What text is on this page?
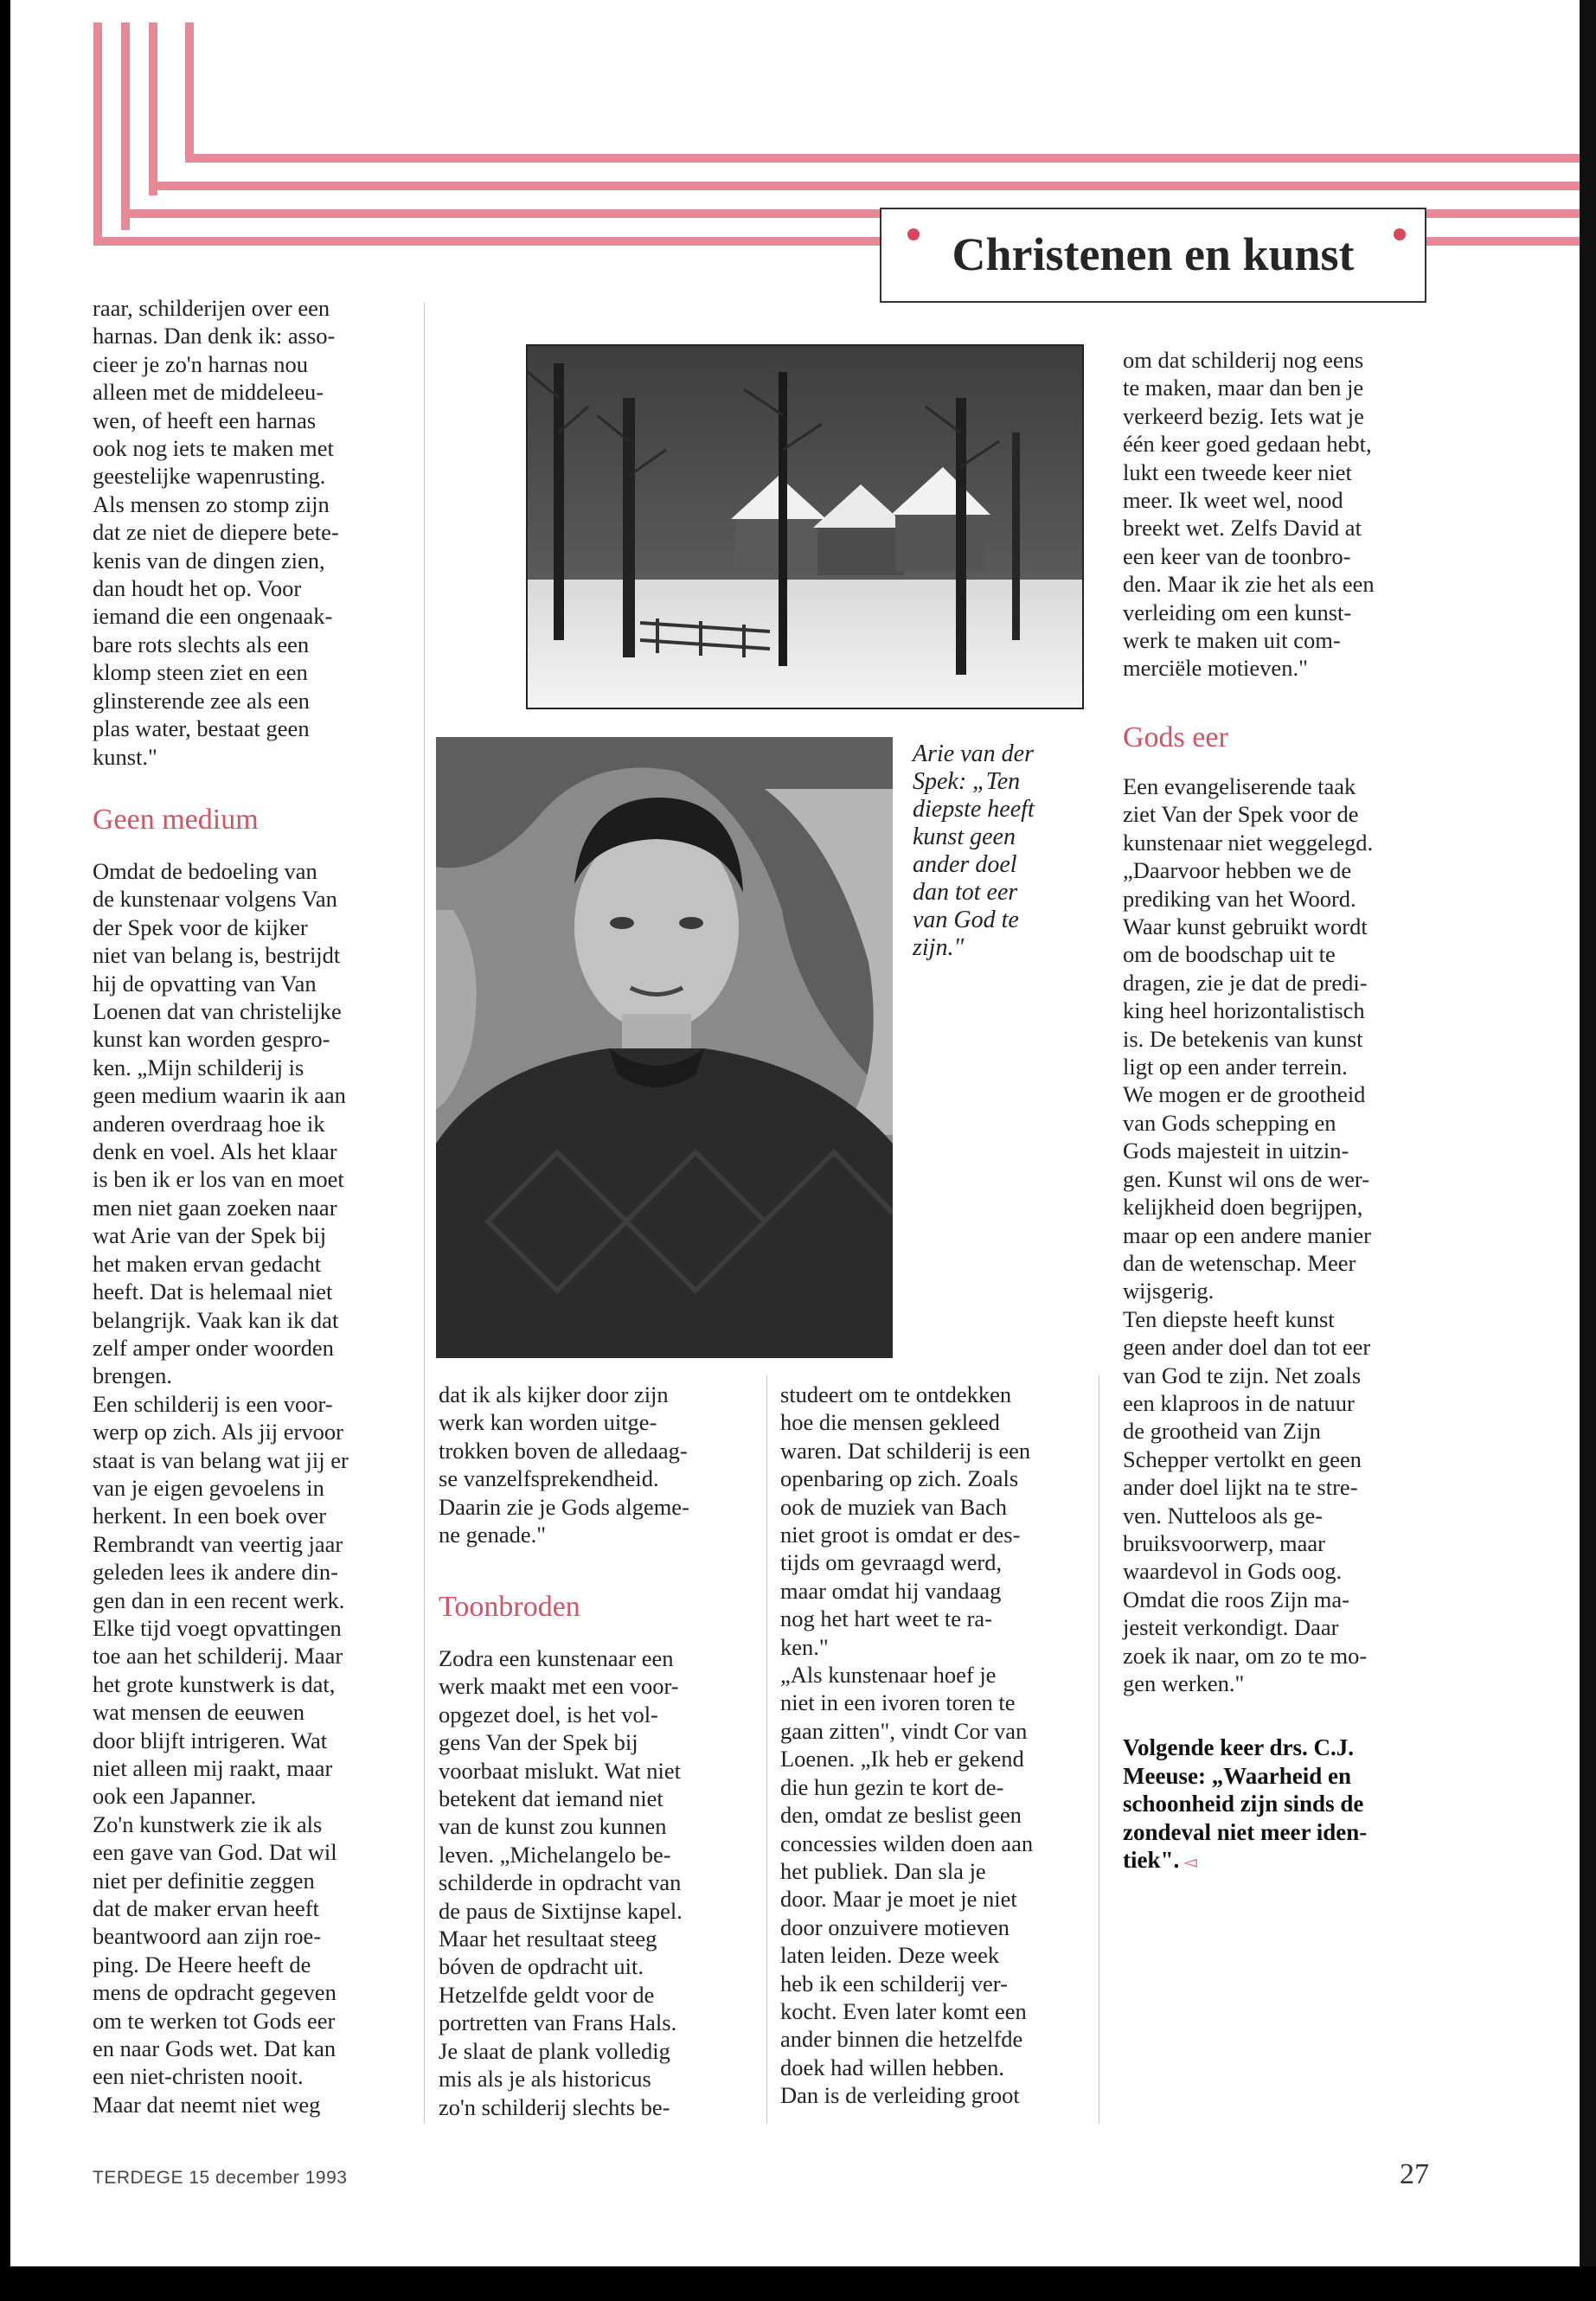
Christenen en kunst
raar, schilderijen over een
harnas. Dan denk ik: asso-
cieer je zo'n harnas nou
alleen met de middeleeu-
wen, of heeft een harnas
ook nog iets te maken met
geestelijke wapenrusting.
Als mensen zo stomp zijn
dat ze niet de diepere bete-
kenis van de dingen zien,
dan houdt het op. Voor
iemand die een ongenaak-
bare rots slechts als een
klomp steen ziet en een
glinsterende zee als een
plas water, bestaat geen
kunst."
Geen medium
Omdat de bedoeling van
de kunstenaar volgens Van
der Spek voor de kijker
niet van belang is, bestrijdt
hij de opvatting van Van
Loenen dat van christelijke
kunst kan worden gespro-
ken. „Mijn schilderij is
geen medium waarin ik aan
anderen overdraag hoe ik
denk en voel. Als het klaar
is ben ik er los van en moet
men niet gaan zoeken naar
wat Arie van der Spek bij
het maken ervan gedacht
heeft. Dat is helemaal niet
belangrijk. Vaak kan ik dat
zelf amper onder woorden
brengen.
Een schilderij is een voor-
werp op zich. Als jij ervoor
staat is van belang wat jij er
van je eigen gevoelens in
herkent. In een boek over
Rembrandt van veertig jaar
geleden lees ik andere din-
gen dan in een recent werk.
Elke tijd voegt opvattingen
toe aan het schilderij. Maar
het grote kunstwerk is dat,
wat mensen de eeuwen
door blijft intrigeren. Wat
niet alleen mij raakt, maar
ook een Japanner.
Zo'n kunstwerk zie ik als
een gave van God. Dat wil
niet per definitie zeggen
dat de maker ervan heeft
beantwoord aan zijn roe-
ping. De Heere heeft de
mens de opdracht gegeven
om te werken tot Gods eer
en naar Gods wet. Dat kan
een niet-christen nooit.
Maar dat neemt niet weg
Arie van der
Spek: „Ten
diepste heeft
kunst geen
ander doel
dan tot eer
van God te
zijn."
dat ik als kijker door zijn
werk kan worden uitge-
trokken boven de alledaag-
se vanzelfsprekendheid.
Daarin zie je Gods algeme-
ne genade."
Toonbroden
Zodra een kunstenaar een
werk maakt met een voor-
opgezet doel, is het vol-
gens Van der Spek bij
voorbaat mislukt. Wat niet
betekent dat iemand niet
van de kunst zou kunnen
leven. „Michelangelo be-
schilderde in opdracht van
de paus de Sixtijnse kapel.
Maar het resultaat steeg
bóven de opdracht uit.
Hetzelfde geldt voor de
portretten van Frans Hals.
Je slaat de plank volledig
mis als je als historicus
zo'n schilderij slechts be-
studeert om te ontdekken
hoe die mensen gekleed
waren. Dat schilderij is een
openbaring op zich. Zoals
ook de muziek van Bach
niet groot is omdat er des-
tijds om gevraagd werd,
maar omdat hij vandaag
nog het hart weet te ra-
ken."
„Als kunstenaar hoef je
niet in een ivoren toren te
gaan zitten", vindt Cor van
Loenen. „Ik heb er gekend
die hun gezin te kort de-
den, omdat ze beslist geen
concessies wilden doen aan
het publiek. Dan sla je
door. Maar je moet je niet
door onzuivere motieven
laten leiden. Deze week
heb ik een schilderij ver-
kocht. Even later komt een
ander binnen die hetzelfde
doek had willen hebben.
Dan is de verleiding groot
om dat schilderij nog eens
te maken, maar dan ben je
verkeerd bezig. Iets wat je
één keer goed gedaan hebt,
lukt een tweede keer niet
meer. Ik weet wel, nood
breekt wet. Zelfs David at
een keer van de toonbro-
den. Maar ik zie het als een
verleiding om een kunst-
werk te maken uit com-
merciële motieven."
Gods eer
Een evangeliserende taak
ziet Van der Spek voor de
kunstenaar niet weggelegd.
„Daarvoor hebben we de
prediking van het Woord.
Waar kunst gebruikt wordt
om de boodschap uit te
dragen, zie je dat de predi-
king heel horizontalistisch
is. De betekenis van kunst
ligt op een ander terrein.
We mogen er de grootheid
van Gods schepping en
Gods majesteit in uitzin-
gen. Kunst wil ons de wer-
kelijkheid doen begrijpen,
maar op een andere manier
dan de wetenschap. Meer
wijsgerig.
Ten diepste heeft kunst
geen ander doel dan tot eer
van God te zijn. Net zoals
een klaproos in de natuur
de grootheid van Zijn
Schepper vertolkt en geen
ander doel lijkt na te stre-
ven. Nutteloos als ge-
bruiksvoorwerp, maar
waardevol in Gods oog.
Omdat die roos Zijn ma-
jesteit verkondigt. Daar
zoek ik naar, om zo te mo-
gen werken."
Volgende keer drs. C.J.
Meeuse: „Waarheid en
schoonheid zijn sinds de
zondeval niet meer iden-
tiek". ◅
TERDEGE 15 december 1993	27
